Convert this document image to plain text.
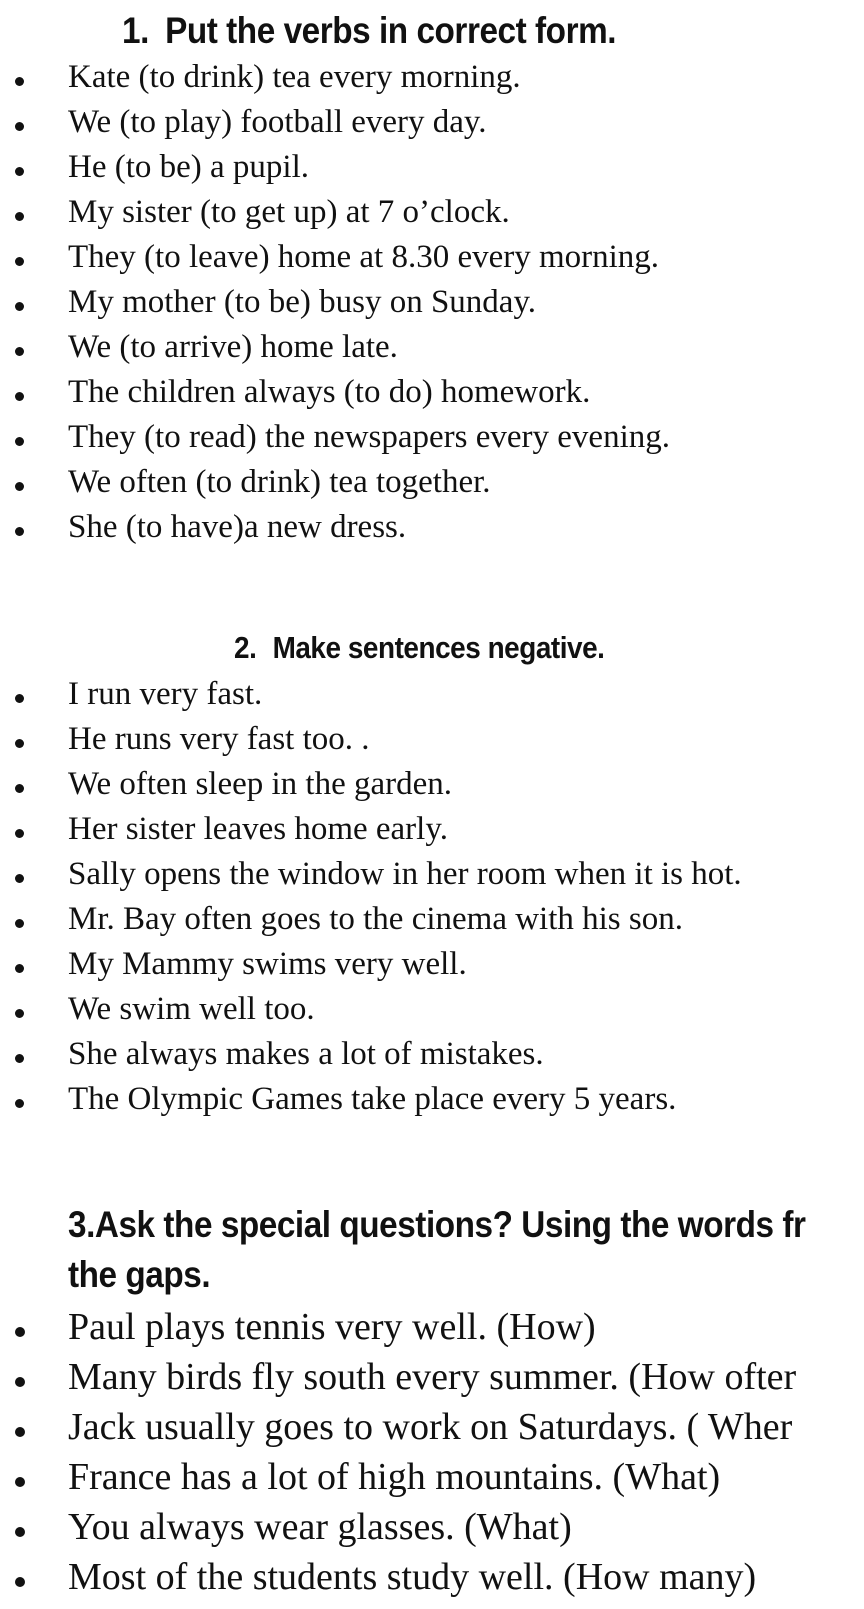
1. Put the verbs in correct form.
Kate (to drink) tea every morning.
We (to play) football every day.
He (to be) a pupil.
My sister (to get up) at 7 o’clock.
They (to leave) home at 8.30 every morning.
My mother (to be) busy on Sunday.
We (to arrive) home late.
The children always (to do) homework.
They (to read) the newspapers every evening.
We often (to drink) tea together.
She (to have)a new dress.
2. Make sentences negative.
I run very fast.
He runs very fast too. .
We often sleep in the garden.
Her sister leaves home early.
Sally opens the window in her room when it is hot.
Mr. Bay often goes to the cinema with his son.
My Mammy swims very well.
We swim well too.
She always makes a lot of mistakes.
The Olympic Games take place every 5 years.
3.Ask the special questions? Using the words fr
the gaps.
Paul plays tennis very well. (How)
Many birds fly south every summer. (How ofter
Jack usually goes to work on Saturdays. ( Wher
France has a lot of high mountains. (What)
You always wear glasses. (What)
Most of the students study well. (How many)
